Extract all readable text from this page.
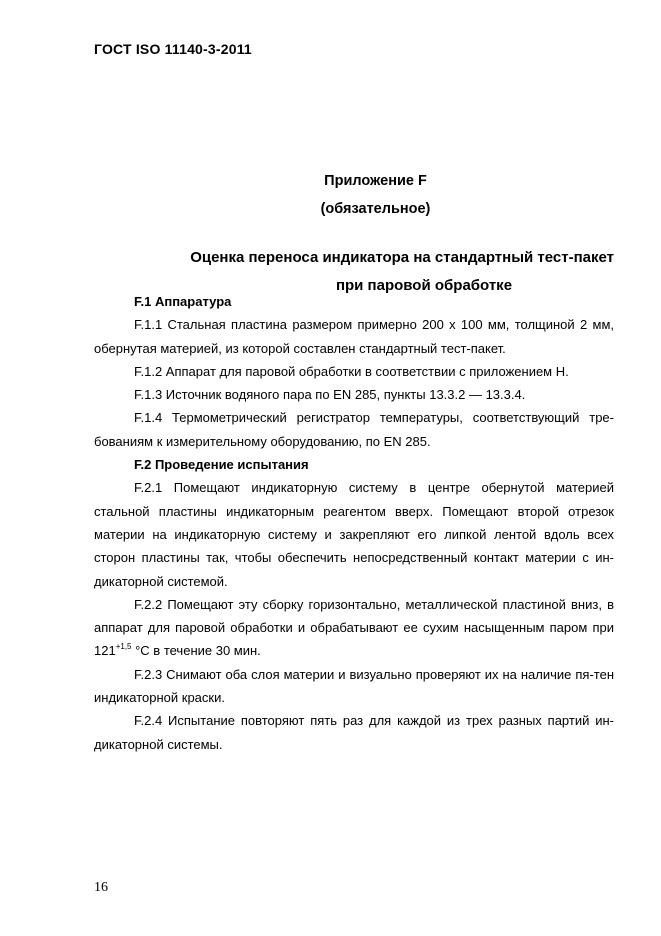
ГОСТ ISO 11140-3-2011
Приложение F
(обязательное)
Оценка переноса индикатора на стандартный тест-пакет
при паровой обработке
F.1 Аппаратура

F.1.1 Стальная пластина размером примерно 200 х 100 мм, толщиной 2 мм, обернутая материей, из которой составлен стандартный тест-пакет.

F.1.2 Аппарат для паровой обработки в соответствии с приложением Н.

F.1.3 Источник водяного пара по EN 285, пункты 13.3.2 — 13.3.4.

F.1.4 Термометрический регистратор температуры, соответствующий тре-бованиям к измерительному оборудованию, по EN 285.

F.2 Проведение испытания

F.2.1 Помещают индикаторную систему в центре обернутой материей стальной пластины индикаторным реагентом вверх. Помещают второй отрезок материи на индикаторную систему и закрепляют его липкой лентой вдоль всех сторон пластины так, чтобы обеспечить непосредственный контакт материи с ин-дикаторной системой.

F.2.2 Помещают эту сборку горизонтально, металлической пластиной вниз, в аппарат для паровой обработки и обрабатывают ее сухим насыщенным паром при $121^{+1,5}$ °С в течение 30 мин.

F.2.3 Снимают оба слоя материи и визуально проверяют их на наличие пя-тен индикаторной краски.

F.2.4 Испытание повторяют пять раз для каждой из трех разных партий ин-дикаторной системы.

16
